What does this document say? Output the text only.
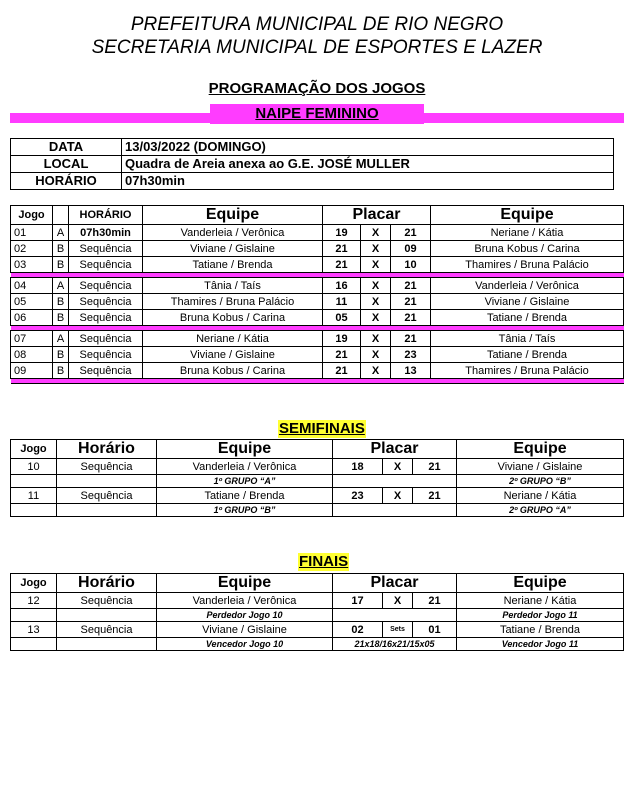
PREFEITURA MUNICIPAL DE RIO NEGRO
SECRETARIA MUNICIPAL DE ESPORTES E LAZER
PROGRAMAÇÃO DOS JOGOS
NAIPE FEMININO
DATA	13/03/2022 (DOMINGO)
LOCAL	Quadra de Areia anexa ao G.E. JOSÉ MULLER
HORÁRIO	07h30min
Jogo		HORÁRIO	Equipe	Placar			Equipe
01	A	07h30min	Vanderleia / Verônica	19	X	21	Neriane / Kátia
02	B	Sequência	Viviane / Gislaine	21	X	09	Bruna Kobus / Carina
03	B	Sequência	Tatiane / Brenda	21	X	10	Thamires / Bruna Palácio

04	A	Sequência	Tânia / Taís	16	X	21	Vanderleia / Verônica
05	B	Sequência	Thamires / Bruna Palácio	11	X	21	Viviane / Gislaine
06	B	Sequência	Bruna Kobus / Carina	05	X	21	Tatiane / Brenda

07	A	Sequência	Neriane / Kátia	19	X	21	Tânia / Taís
08	B	Sequência	Viviane / Gislaine	21	X	23	Tatiane / Brenda
09	B	Sequência	Bruna Kobus / Carina	21	X	13	Thamires / Bruna Palácio

SEMIFINAIS
Jogo	Horário	Equipe	Placar			Equipe
10	Sequência	Vanderleia / Verônica	18	X	21	Viviane / Gislaine
		1º GRUPO “A”				2º GRUPO “B”
11	Sequência	Tatiane / Brenda	23	X	21	Neriane / Kátia
		1º GRUPO “B”				2º GRUPO “A”
FINAIS
Jogo	Horário	Equipe	Placar			Equipe
12	Sequência	Vanderleia / Verônica	17	X	21	Neriane / Kátia
		Perdedor Jogo 10				Perdedor Jogo 11
13	Sequência	Viviane / Gislaine	02	Sets	01	Tatiane / Brenda
		Vencedor Jogo 10	21x18/16x21/15x05			Vencedor Jogo 11
